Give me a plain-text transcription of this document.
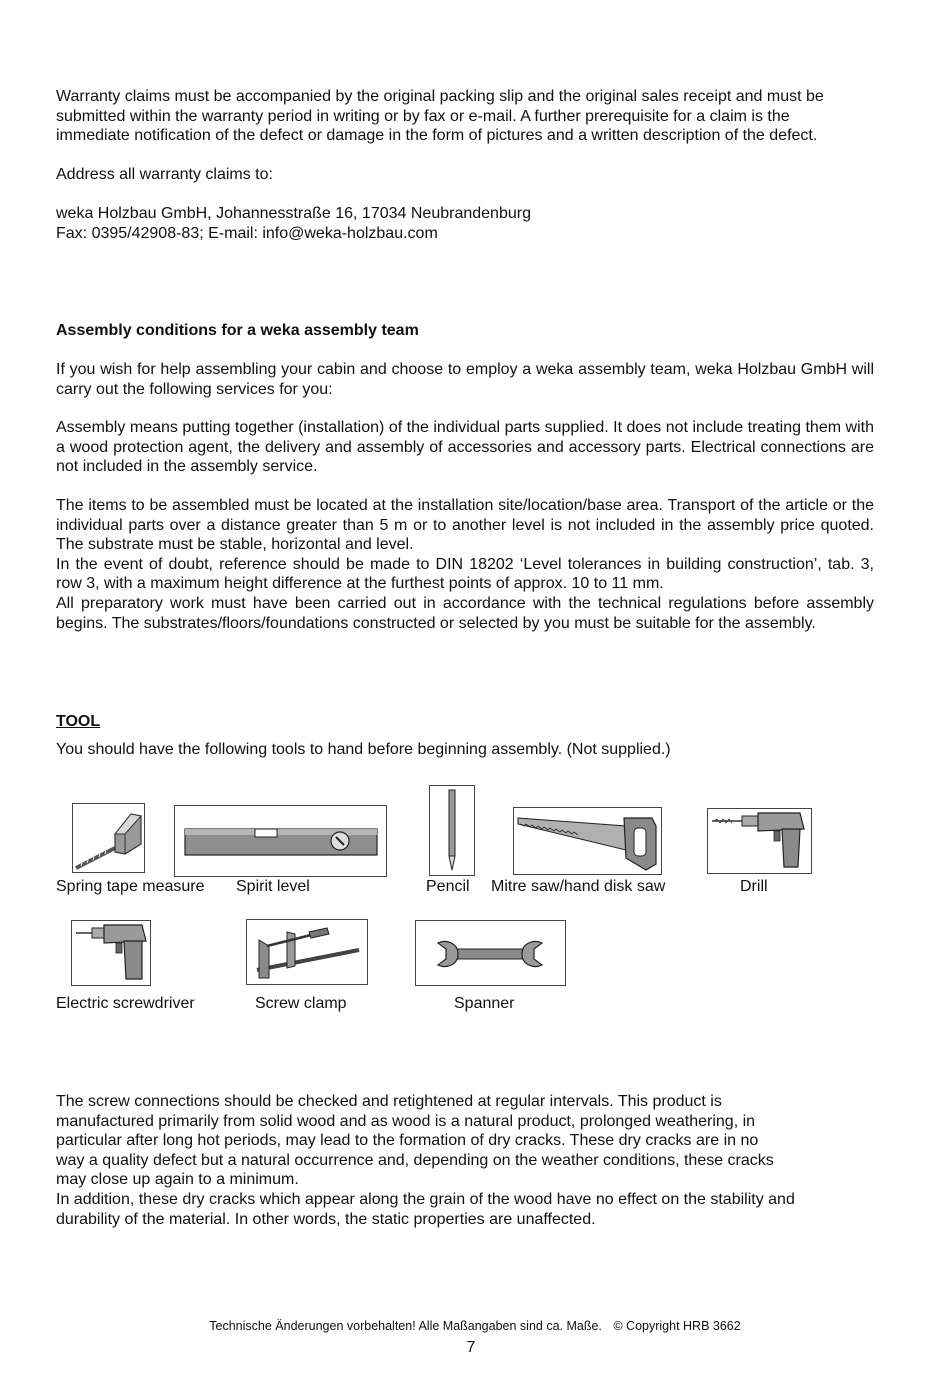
Warranty claims must be accompanied by the original packing slip and the original sales receipt and must be
submitted within the warranty period in writing or by fax or e-mail. A further prerequisite for a claim is the
immediate notification of the defect or damage in the form of pictures and a written description of the defect.
Address all warranty claims to:
weka Holzbau GmbH, Johannesstraße 16, 17034 Neubrandenburg
Fax: 0395/42908-83; E-mail: info@weka-holzbau.com
Assembly conditions for a weka assembly team
If you wish for help assembling your cabin and choose to employ a weka assembly team, weka Holzbau GmbH will carry out the following services for you:
Assembly means putting together (installation) of the individual parts supplied. It does not include treating them with a wood protection agent, the delivery and assembly of accessories and accessory parts. Electrical connections are not included in the assembly service.
The items to be assembled must be located at the installation site/location/base area. Transport of the article or the individual parts over a distance greater than 5 m or to another level is not included in the assembly price quoted. The substrate must be stable, horizontal and level.
In the event of doubt, reference should be made to DIN 18202 ‘Level tolerances in building construction’, tab. 3, row 3, with a maximum height difference at the furthest points of approx. 10 to 11 mm.
All preparatory work must have been carried out in accordance with the technical regulations before assembly begins. The substrates/floors/foundations constructed or selected by you must be suitable for the assembly.
TOOL
You should have the following tools to hand before beginning assembly. (Not supplied.)
Spring tape measure Spirit level	Pencil Mitre saw/hand disk saw	Drill
Electric screwdriver	Screw clamp	Spanner
The screw connections should be checked and retightened at regular intervals. This product is
manufactured primarily from solid wood and as wood is a natural product, prolonged weathering, in
particular after long hot periods, may lead to the formation of dry cracks. These dry cracks are in no
way a quality defect but a natural occurrence and, depending on the weather conditions, these cracks
may close up again to a minimum.
In addition, these dry cracks which appear along the grain of the wood have no effect on the stability and
durability of the material. In other words, the static properties are unaffected.
Technische Änderungen vorbehalten! Alle Maßangaben sind ca. Maße. © Copyright HRB 3662
7
